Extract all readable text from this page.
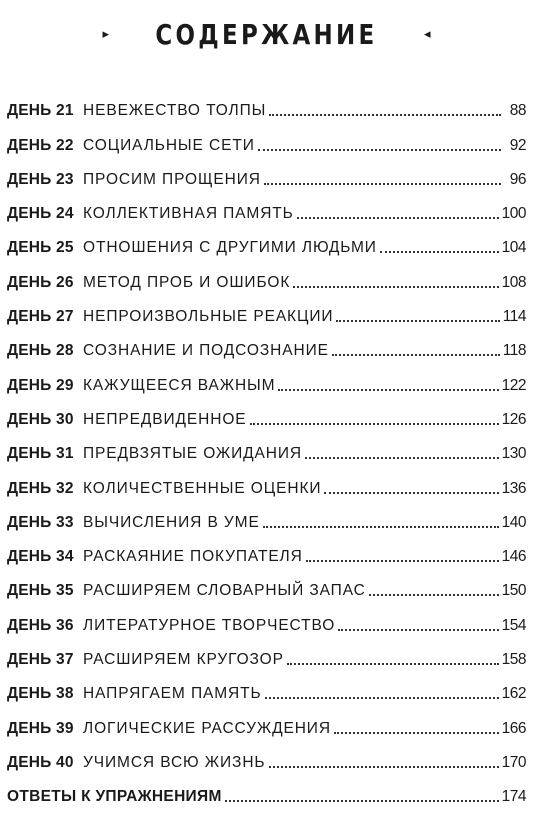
▸ СОДЕРЖАНИЕ	◂
ДЕНЬ 21 НЕВЕЖЕСТВО ТОЛПЫ	88
ДЕНЬ 22 СОЦИАЛЬНЫЕ СЕТИ	92
ДЕНЬ 23 ПРОСИМ ПРОЩЕНИЯ	96
ДЕНЬ 24 КОЛЛЕКТИВНАЯ ПАМЯТЬ	100
ДЕНЬ 25 ОТНОШЕНИЯ С ДРУГИМИ ЛЮДЬМИ	104
ДЕНЬ 26 МЕТОД ПРОБ И ОШИБОК	108
ДЕНЬ 27 НЕПРОИЗВОЛЬНЫЕ РЕАКЦИИ	114
ДЕНЬ 28 СОЗНАНИЕ И ПОДСОЗНАНИЕ	118
ДЕНЬ 29 КАЖУЩЕЕСЯ ВАЖНЫМ	122
ДЕНЬ 30 НЕПРЕДВИДЕННОЕ	126
ДЕНЬ 31 ПРЕДВЗЯТЫЕ ОЖИДАНИЯ	130
ДЕНЬ 32 КОЛИЧЕСТВЕННЫЕ ОЦЕНКИ	136
ДЕНЬ 33 ВЫЧИСЛЕНИЯ В УМЕ	140
ДЕНЬ 34 РАСКАЯНИЕ ПОКУПАТЕЛЯ	146
ДЕНЬ 35 РАСШИРЯЕМ СЛОВАРНЫЙ ЗАПАС	150
ДЕНЬ 36 ЛИТЕРАТУРНОЕ ТВОРЧЕСТВО	154
ДЕНЬ 37 РАСШИРЯЕМ КРУГОЗОР	158
ДЕНЬ 38 НАПРЯГАЕМ ПАМЯТЬ	162
ДЕНЬ 39 ЛОГИЧЕСКИЕ РАССУЖДЕНИЯ	166
ДЕНЬ 40 УЧИМСЯ ВСЮ ЖИЗНЬ	170
ОТВЕТЫ К УПРАЖНЕНИЯМ	174
